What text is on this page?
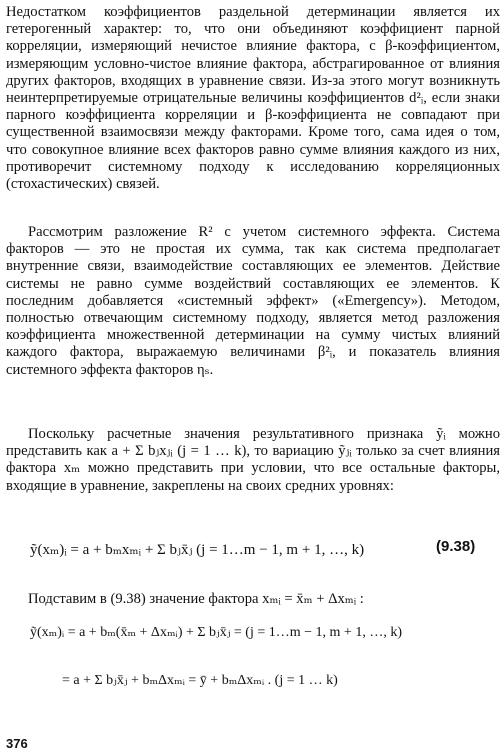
Недостатком коэффициентов раздельной детерминации является их гетерогенный характер: то, что они объединяют коэффициент парной корреляции, измеряющий нечистое влияние фактора, с β-коэффициентом, измеряющим условно-чистое влияние фактора, абстрагированное от влияния других факторов, входящих в уравнение связи. Из-за этого могут возникнуть неинтерпретируемые отрицательные величины коэффициентов d²ᵢ, если знаки парного коэффициента корреляции и β-коэффициента не совпадают при существенной взаимосвязи между факторами. Кроме того, сама идея о том, что совокупное влияние всех факторов равно сумме влияния каждого из них, противоречит системному подходу к исследованию корреляционных (стохастических) связей.

Рассмотрим разложение R² с учетом системного эффекта. Система факторов — это не простая их сумма, так как система предполагает внутренние связи, взаимодействие составляющих ее элементов. Действие системы не равно сумме воздействий составляющих ее элементов. К последним добавляется «системный эффект» («Emergency»). Методом, полностью отвечающим системному подходу, является метод разложения коэффициента множественной детерминации на сумму чистых влияний каждого фактора, выражаемую величинами β²ᵢ, и показатель влияния системного эффекта факторов ηₛ.

Поскольку расчетные значения результативного признака ỹᵢ можно представить как a + Σ bⱼxⱼᵢ (j = 1 … k), то вариацию ỹⱼᵢ только за счет влияния фактора xₘ можно представить при условии, что все остальные факторы, входящие в уравнение, закреплены на своих средних уровнях:

ỹ(xₘ)ᵢ = a + bₘxₘᵢ + Σ bⱼx̄ⱼ (j = 1…m − 1, m + 1, …, k)	(9.38)

Подставим в (9.38) значение фактора xₘᵢ = x̄ₘ + Δxₘᵢ :

ỹ(xₘ)ᵢ = a + bₘ(x̄ₘ + Δxₘᵢ) + Σ bⱼx̄ⱼ = (j = 1…m − 1, m + 1, …, k)
= a + Σ bⱼx̄ⱼ + bₘΔxₘᵢ = ȳ + bₘΔxₘᵢ . (j = 1 … k)
376
